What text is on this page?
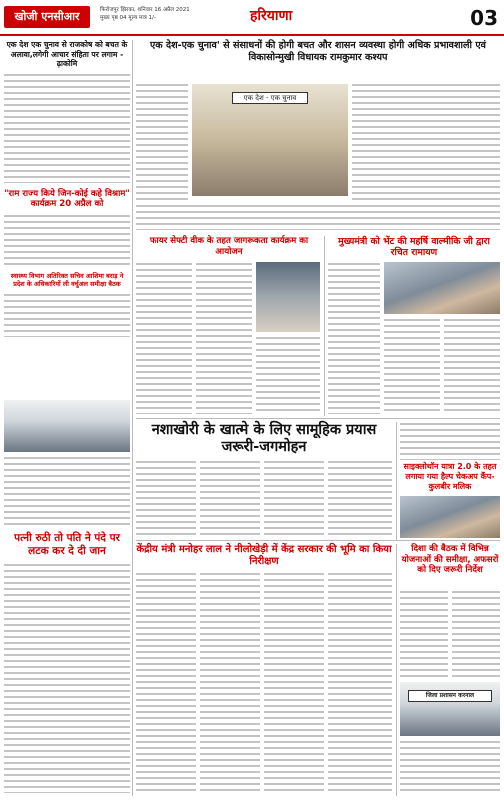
खोजी एनसीआर	फिरोजपुर झिरका, शनिवार 16 अप्रैल 2021
मुख्य पृष्ठ 04 मूल्य मात्र 1/-	हरियाणा	03
एक देश एक चुनाव से राजकोष को बचत के अलावा,लगेगी आचार संहिता पर लगाम - ढ़ाकोमि
"राम राज्य किये जिन-कोई कहे विश्राम" कार्यक्रम 20 अप्रैल को
स्वास्थ्य विभाग अतिरिक्त सचिव आशिमा बराड़ ने प्रदेश के अधिकारियों ली वर्चुअल समीक्षा बैठक
पत्नी रुठी तो पति ने पंदे पर लटक कर दे दी जान
एक देश-एक चुनाव' से संसाधनों की होगी बचत और शासन व्यवस्था होगी अधिक प्रभावशाली एवं विकासोन्मुखी विधायक रामकुमार कश्यप
एक देश - एक चुनाव
फायर सेफ्टी वीक के तहत जागरूकता कार्यक्रम का आयोजन
मुख्यमंत्री को भेंट की महर्षि वाल्मीकि जी द्वारा रचित रामायण
नशाखोरी के खात्मे के लिए सामूहिक प्रयास जरूरी-जगमोहन
साइक्लोथॉन यात्रा 2.0 के तहत लगाया गया हैल्प चेकअप कैंप-कुलबीर मलिक
केंद्रीय मंत्री मनोहर लाल ने नीलोखेड़ी में केंद्र सरकार की भूमि का किया निरीक्षण
दिशा की बैठक में विभिन्न योजनाओं की समीक्षा, अफसरों को दिए जरूरी निर्देश
जिला प्रशासन करनाल
